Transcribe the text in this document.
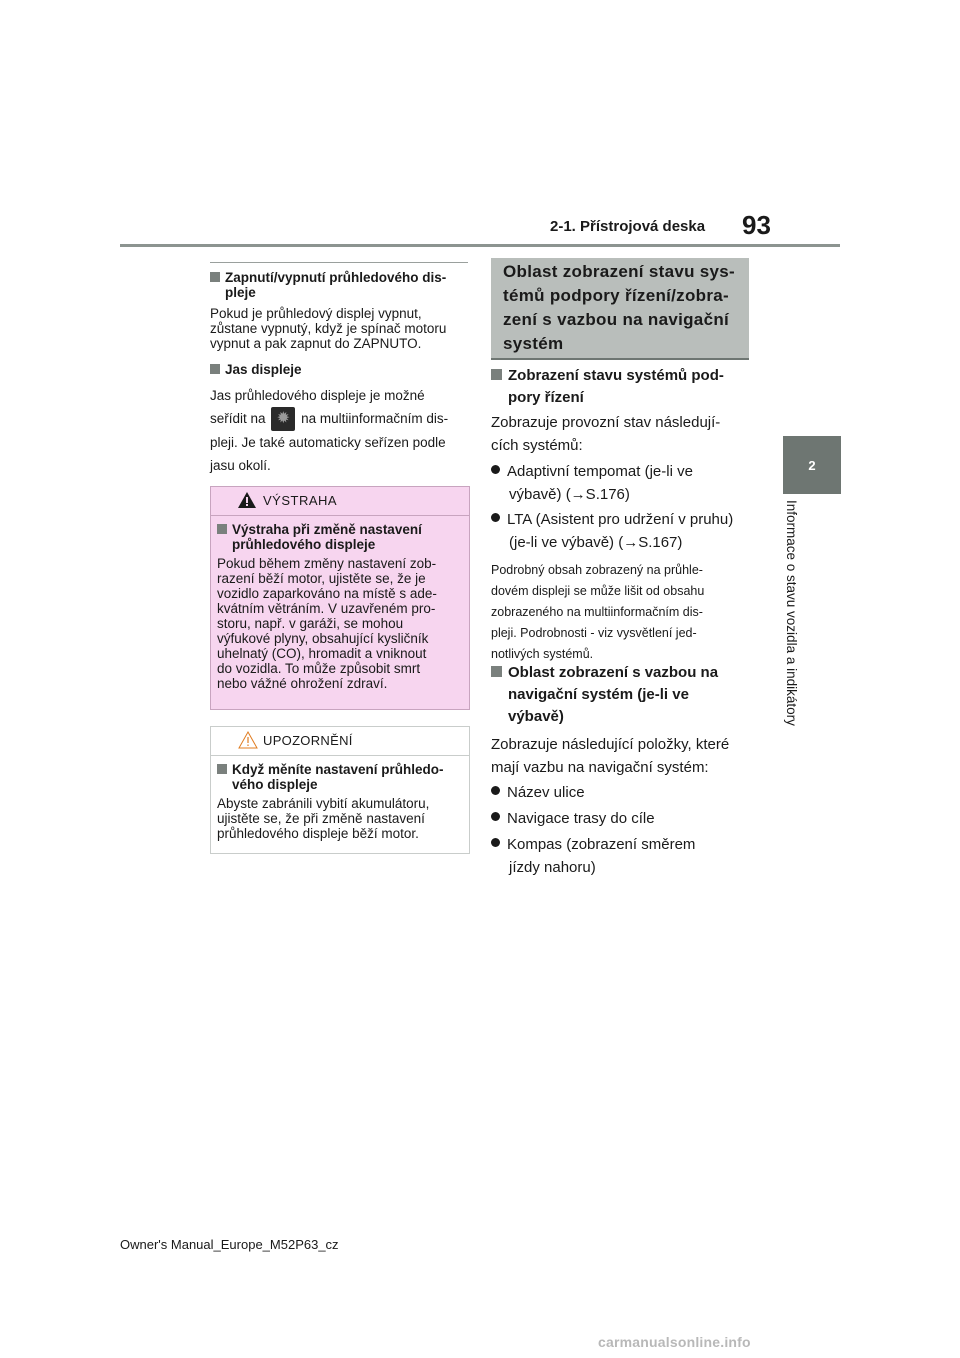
2-1. Přístrojová deska 93
2
Informace o stavu vozidla a indikátory
Zapnutí/vypnutí průhledového dis-
pleje
Pokud je průhledový displej vypnut,
zůstane vypnutý, když je spínač motoru
vypnut a pak zapnut do ZAPNUTO.
Jas displeje
Jas průhledového displeje je možné
seřídit na ✹ na multiinformačním dis-
pleji. Je také automaticky seřízen podle
jasu okolí.
VÝSTRAHA
Výstraha při změně nastavení
průhledového displeje
Pokud během změny nastavení zob-
razení běží motor, ujistěte se, že je
vozidlo zaparkováno na místě s ade-
kvátním větráním. V uzavřeném pro-
storu, např. v garáži, se mohou
výfukové plyny, obsahující kysličník
uhelnatý (CO), hromadit a vniknout
do vozidla. To může způsobit smrt
nebo vážné ohrožení zdraví.
UPOZORNĚNÍ
Když měníte nastavení průhledo-
vého displeje
Abyste zabránili vybití akumulátoru,
ujistěte se, že při změně nastavení
průhledového displeje běží motor.
Oblast zobrazení stavu sys-
témů podpory řízení/zobra-
zení s vazbou na navigační
systém
Zobrazení stavu systémů pod-
pory řízení
Zobrazuje provozní stav následují-
cích systémů:
Adaptivní tempomat (je-li ve
výbavě) (→S.176)
LTA (Asistent pro udržení v pruhu)
(je-li ve výbavě) (→S.167)
Podrobný obsah zobrazený na průhle-
dovém displeji se může lišit od obsahu
zobrazeného na multiinformačním dis-
pleji. Podrobnosti - viz vysvětlení jed-
notlivých systémů.
Oblast zobrazení s vazbou na
navigační systém (je-li ve
výbavě)
Zobrazuje následující položky, které
mají vazbu na navigační systém:
Název ulice
Navigace trasy do cíle
Kompas (zobrazení směrem
jízdy nahoru)
Owner's Manual_Europe_M52P63_cz
carmanualsonline.info
